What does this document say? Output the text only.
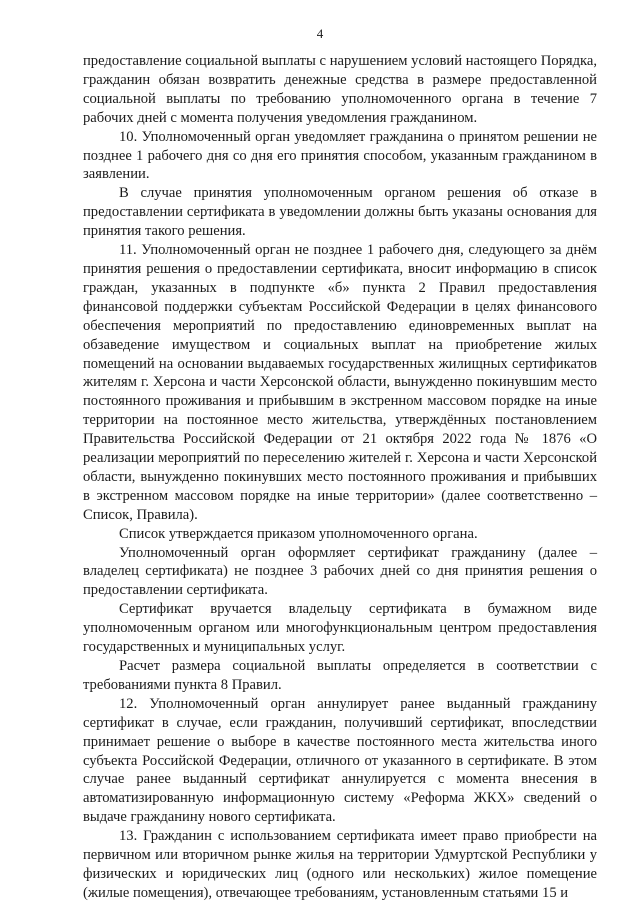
4

предоставление социальной выплаты с нарушением условий настоящего Порядка, гражданин обязан возвратить денежные средства в размере предоставленной социальной выплаты по требованию уполномоченного органа в течение 7 рабочих дней с момента получения уведомления гражданином.

10. Уполномоченный орган уведомляет гражданина о принятом решении не позднее 1 рабочего дня со дня его принятия способом, указанным гражданином в заявлении.

В случае принятия уполномоченным органом решения об отказе в предоставлении сертификата в уведомлении должны быть указаны основания для принятия такого решения.

11. Уполномоченный орган не позднее 1 рабочего дня, следующего за днём принятия решения о предоставлении сертификата, вносит информацию в список граждан, указанных в подпункте «б» пункта 2 Правил предоставления финансовой поддержки субъектам Российской Федерации в целях финансового обеспечения мероприятий по предоставлению единовременных выплат на обзаведение имуществом и социальных выплат на приобретение жилых помещений на основании выдаваемых государственных жилищных сертификатов жителям г. Херсона и части Херсонской области, вынужденно покинувшим место постоянного проживания и прибывшим в экстренном массовом порядке на иные территории на постоянное место жительства, утверждённых постановлением Правительства Российской Федерации от 21 октября 2022 года № 1876 «О реализации мероприятий по переселению жителей г. Херсона и части Херсонской области, вынужденно покинувших место постоянного проживания и прибывших в экстренном массовом порядке на иные территории» (далее соответственно – Список, Правила).

Список утверждается приказом уполномоченного органа.

Уполномоченный орган оформляет сертификат гражданину (далее – владелец сертификата) не позднее 3 рабочих дней со дня принятия решения о предоставлении сертификата.

Сертификат вручается владельцу сертификата в бумажном виде уполномоченным органом или многофункциональным центром предоставления государственных и муниципальных услуг.

Расчет размера социальной выплаты определяется в соответствии с требованиями пункта 8 Правил.

12. Уполномоченный орган аннулирует ранее выданный гражданину сертификат в случае, если гражданин, получивший сертификат, впоследствии принимает решение о выборе в качестве постоянного места жительства иного субъекта Российской Федерации, отличного от указанного в сертификате. В этом случае ранее выданный сертификат аннулируется с момента внесения в автоматизированную информационную систему «Реформа ЖКХ» сведений о выдаче гражданину нового сертификата.

13. Гражданин с использованием сертификата имеет право приобрести на первичном или вторичном рынке жилья на территории Удмуртской Республики у физических и юридических лиц (одного или нескольких) жилое помещение (жилые помещения), отвечающее требованиям, установленным статьями 15 и
